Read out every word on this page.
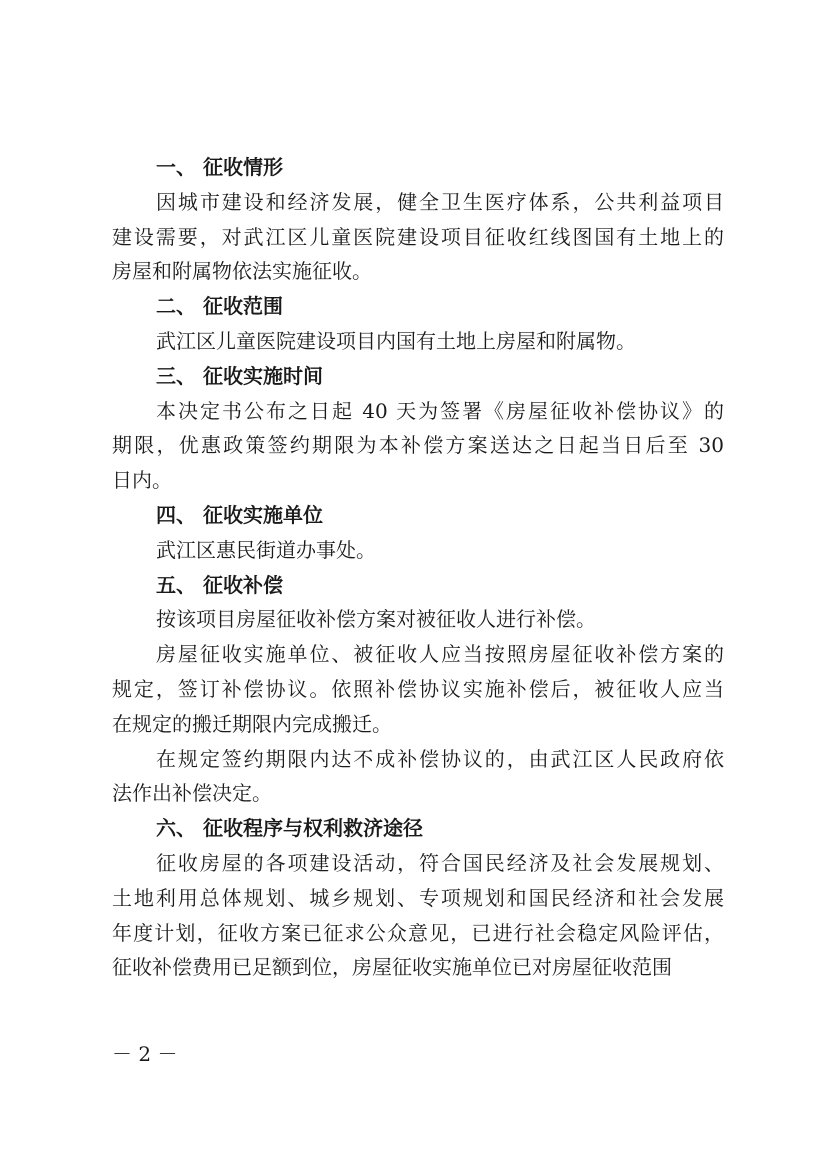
一、 征收情形
因城市建设和经济发展，健全卫生医疗体系，公共利益项目
建设需要，对武江区儿童医院建设项目征收红线图国有土地上的
房屋和附属物依法实施征收。
二、 征收范围
武江区儿童医院建设项目内国有土地上房屋和附属物。
三、 征收实施时间
本决定书公布之日起 40 天为签署《房屋征收补偿协议》的
期限，优惠政策签约期限为本补偿方案送达之日起当日后至 30
日内。
四、 征收实施单位
武江区惠民街道办事处。
五、 征收补偿
按该项目房屋征收补偿方案对被征收人进行补偿。
房屋征收实施单位、被征收人应当按照房屋征收补偿方案的
规定，签订补偿协议。依照补偿协议实施补偿后，被征收人应当
在规定的搬迁期限内完成搬迁。
在规定签约期限内达不成补偿协议的，由武江区人民政府依
法作出补偿决定。
六、 征收程序与权利救济途径
征收房屋的各项建设活动，符合国民经济及社会发展规划、
土地利用总体规划、城乡规划、专项规划和国民经济和社会发展
年度计划，征收方案已征求公众意见，已进行社会稳定风险评估，
征收补偿费用已足额到位，房屋征收实施单位已对房屋征收范围
－ 2 －
